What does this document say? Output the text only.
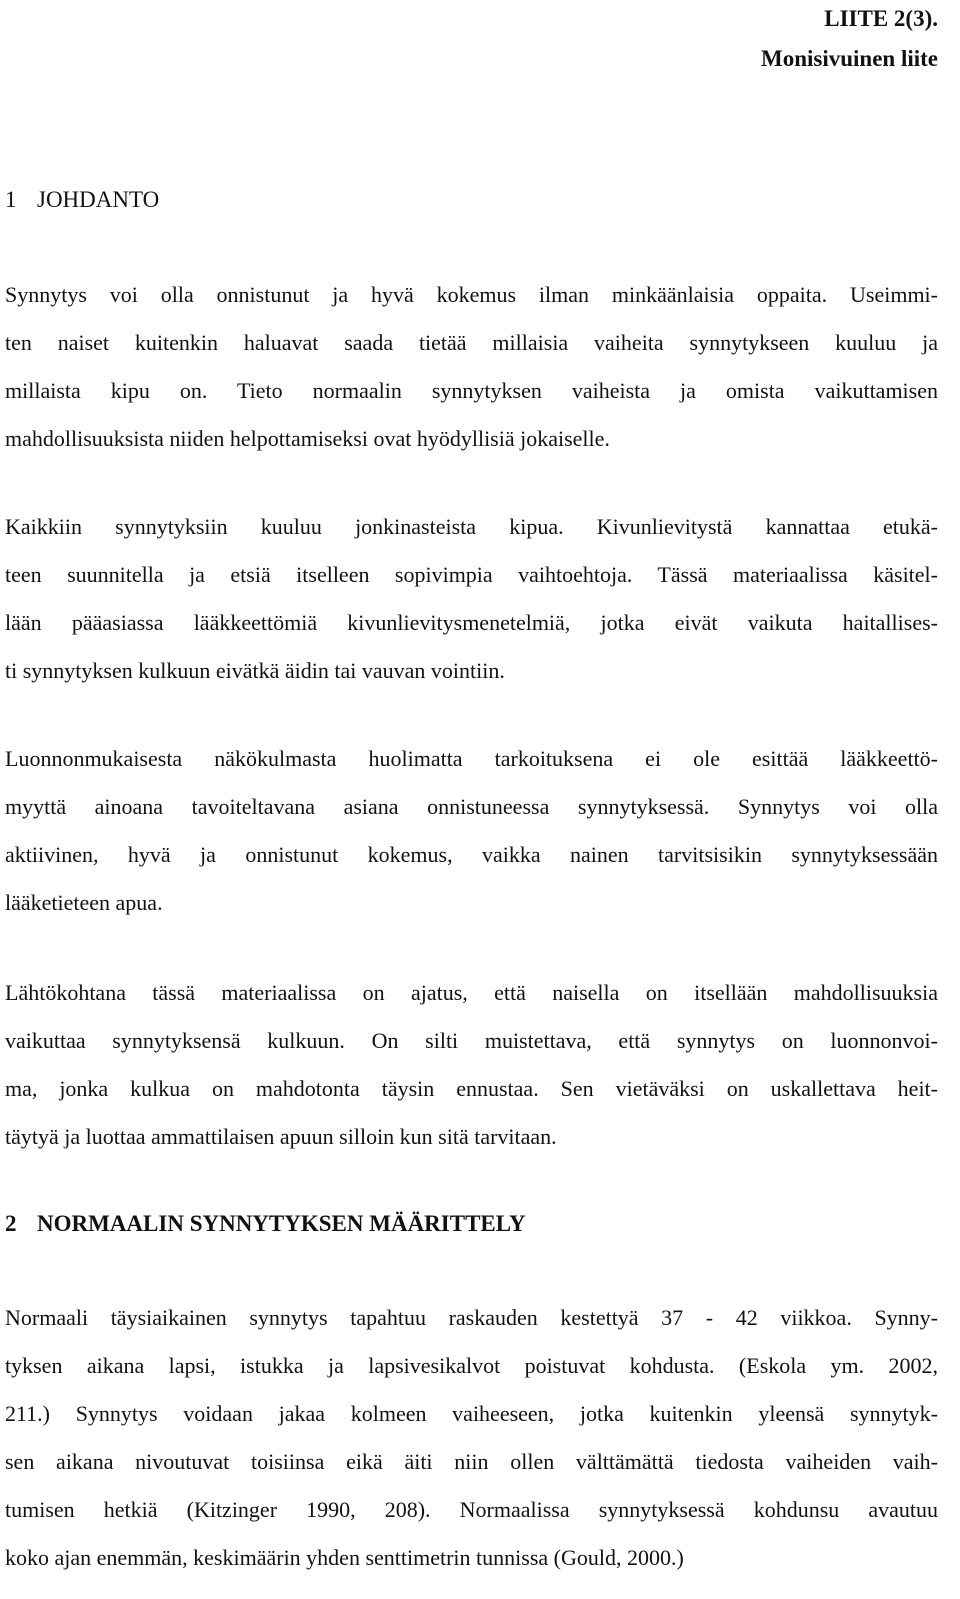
LIITE 2(3).
Monisivuinen liite
1 JOHDANTO
Synnytys voi olla onnistunut ja hyvä kokemus ilman minkäänlaisia oppaita. Useimmi-
ten naiset kuitenkin haluavat saada tietää millaisia vaiheita synnytykseen kuuluu ja
millaista kipu on. Tieto normaalin synnytyksen vaiheista ja omista vaikuttamisen
mahdollisuuksista niiden helpottamiseksi ovat hyödyllisiä jokaiselle.
Kaikkiin synnytyksiin kuuluu jonkinasteista kipua. Kivunlievitystä kannattaa etukä-
teen suunnitella ja etsiä itselleen sopivimpia vaihtoehtoja. Tässä materiaalissa käsitel-
lään pääasiassa lääkkeettömiä kivunlievitysmenetelmiä, jotka eivät vaikuta haitallises-
ti synnytyksen kulkuun eivätkä äidin tai vauvan vointiin.
Luonnonmukaisesta näkökulmasta huolimatta tarkoituksena ei ole esittää lääkkeettö-
myyttä ainoana tavoiteltavana asiana onnistuneessa synnytyksessä. Synnytys voi olla
aktiivinen, hyvä ja onnistunut kokemus, vaikka nainen tarvitsisikin synnytyksessään
lääketieteen apua.
Lähtökohtana tässä materiaalissa on ajatus, että naisella on itsellään mahdollisuuksia
vaikuttaa synnytyksensä kulkuun. On silti muistettava, että synnytys on luonnonvoi-
ma, jonka kulkua on mahdotonta täysin ennustaa. Sen vietäväksi on uskallettava heit-
täytyä ja luottaa ammattilaisen apuun silloin kun sitä tarvitaan.
2 NORMAALIN SYNNYTYKSEN MÄÄRITTELY
Normaali täysiaikainen synnytys tapahtuu raskauden kestettyä 37 - 42 viikkoa. Synny-
tyksen aikana lapsi, istukka ja lapsivesikalvot poistuvat kohdusta. (Eskola ym. 2002,
211.) Synnytys voidaan jakaa kolmeen vaiheeseen, jotka kuitenkin yleensä synnytyk-
sen aikana nivoutuvat toisiinsa eikä äiti niin ollen välttämättä tiedosta vaiheiden vaih-
tumisen hetkiä (Kitzinger 1990, 208). Normaalissa synnytyksessä kohdunsu avautuu
koko ajan enemmän, keskimäärin yhden senttimetrin tunnissa (Gould, 2000.)
